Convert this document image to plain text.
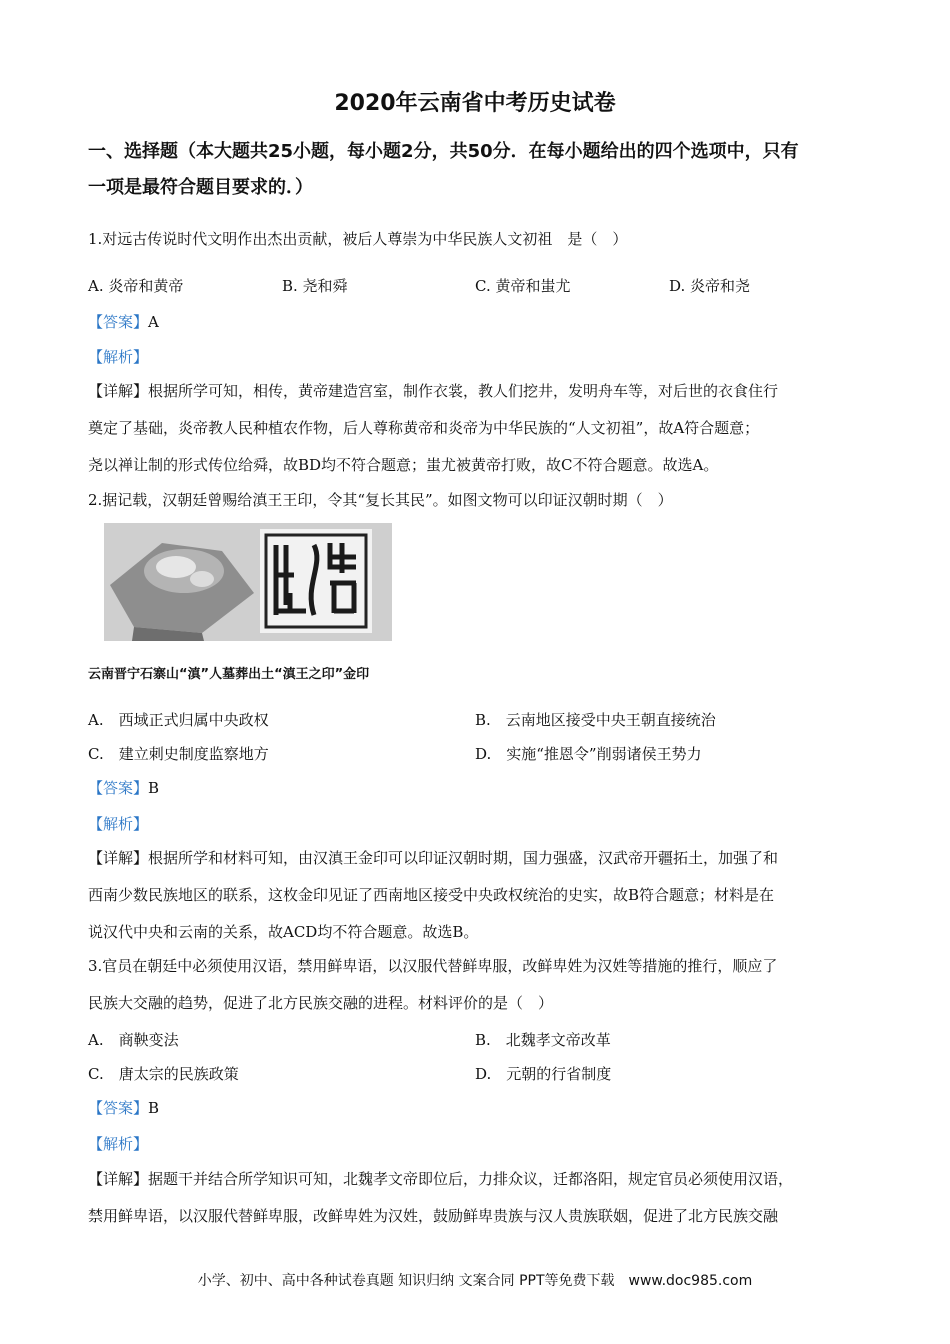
2020年云南省中考历史试卷
一、选择题（本大题共25小题，每小题2分，共50分．在每小题给出的四个选项中，只有
一项是最符合题目要求的．）
1.对远古传说时代文明作出杰出贡献，被后人尊崇为中华民族人文初祖　是（　）
A. 炎帝和黄帝	B. 尧和舜	C. 黄帝和蚩尤	D. 炎帝和尧
【答案】A
【解析】
【详解】根据所学可知，相传，黄帝建造宫室，制作衣裳，教人们挖井，发明舟车等，对后世的衣食住行
奠定了基础，炎帝教人民种植农作物，后人尊称黄帝和炎帝为中华民族的“人文初祖”，故A符合题意；
尧以禅让制的形式传位给舜，故BD均不符合题意；蚩尤被黄帝打败，故C不符合题意。故选A。
2.据记载，汉朝廷曾赐给滇王王印，令其“复长其民”。如图文物可以印证汉朝时期（　）
云南晋宁石寨山“滇”人墓葬出土“滇王之印”金印
A.　西域正式归属中央政权	B.　云南地区接受中央王朝直接统治
C.　建立刺史制度监察地方	D.　实施“推恩令”削弱诸侯王势力
【答案】B
【解析】
【详解】根据所学和材料可知，由汉滇王金印可以印证汉朝时期，国力强盛，汉武帝开疆拓土，加强了和
西南少数民族地区的联系，这枚金印见证了西南地区接受中央政权统治的史实，故B符合题意；材料是在
说汉代中央和云南的关系，故ACD均不符合题意。故选B。
3.官员在朝廷中必须使用汉语，禁用鲜卑语，以汉服代替鲜卑服，改鲜卑姓为汉姓等措施的推行，顺应了
民族大交融的趋势，促进了北方民族交融的进程。材料评价的是（　）
A.　商鞅变法	B.　北魏孝文帝改革
C.　唐太宗的民族政策	D.　元朝的行省制度
【答案】B
【解析】
【详解】据题干并结合所学知识可知，北魏孝文帝即位后，力排众议，迁都洛阳，规定官员必须使用汉语，
禁用鲜卑语，以汉服代替鲜卑服，改鲜卑姓为汉姓，鼓励鲜卑贵族与汉人贵族联姻，促进了北方民族交融
小学、初中、高中各种试卷真题 知识归纳 文案合同 PPT等免费下载　www.doc985.com
